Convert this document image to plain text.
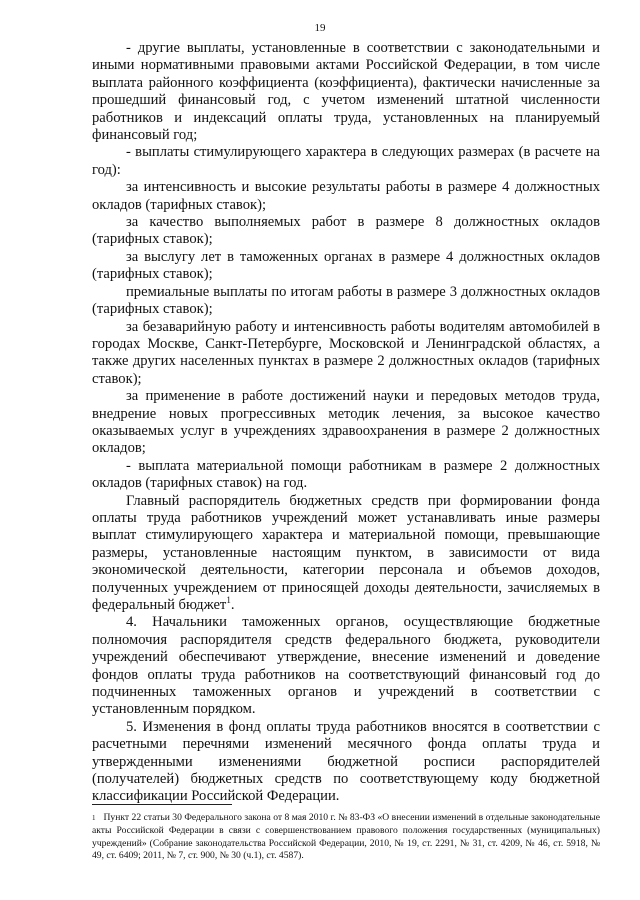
19

- другие выплаты, установленные в соответствии с законодательными и иными нормативными правовыми актами Российской Федерации, в том числе выплата районного коэффициента (коэффициента), фактически начисленные за прошедший финансовый год, с учетом изменений штатной численности работников и индексаций оплаты труда, установленных на планируемый финансовый год;

- выплаты стимулирующего характера в следующих размерах (в расчете на год):

за интенсивность и высокие результаты работы в размере 4 должностных окладов (тарифных ставок);

за качество выполняемых работ в размере 8 должностных окладов (тарифных ставок);

за выслугу лет в таможенных органах в размере 4 должностных окладов (тарифных ставок);

премиальные выплаты по итогам работы в размере 3 должностных окладов (тарифных ставок);

за безаварийную работу и интенсивность работы водителям автомобилей в городах Москве, Санкт-Петербурге, Московской и Ленинградской областях, а также других населенных пунктах в размере 2 должностных окладов (тарифных ставок);

за применение в работе достижений науки и передовых методов труда, внедрение новых прогрессивных методик лечения, за высокое качество оказываемых услуг в учреждениях здравоохранения в размере 2 должностных окладов;

- выплата материальной помощи работникам в размере 2 должностных окладов (тарифных ставок) на год.

Главный распорядитель бюджетных средств при формировании фонда оплаты труда работников учреждений может устанавливать иные размеры выплат стимулирующего характера и материальной помощи, превышающие размеры, установленные настоящим пунктом, в зависимости от вида экономической деятельности, категории персонала и объемов доходов, полученных учреждением от приносящей доходы деятельности, зачисляемых в федеральный бюджет$^1$.

4. Начальники таможенных органов, осуществляющие бюджетные полномочия распорядителя средств федерального бюджета, руководители учреждений обеспечивают утверждение, внесение изменений и доведение фондов оплаты труда работников на соответствующий финансовый год до подчиненных таможенных органов и учреждений в соответствии с установленным порядком.

5. Изменения в фонд оплаты труда работников вносятся в соответствии с расчетными перечнями изменений месячного фонда оплаты труда и утвержденными изменениями бюджетной росписи распорядителей (получателей) бюджетных средств по соответствующему коду бюджетной классификации Российской Федерации.

$^1$ Пункт 22 статьи 30 Федерального закона от 8 мая 2010 г. № 83-ФЗ «О внесении изменений в отдельные законодательные акты Российской Федерации в связи с совершенствованием правового положения государственных (муниципальных) учреждений» (Собрание законодательства Российской Федерации, 2010, № 19, ст. 2291, № 31, ст. 4209, № 46, ст. 5918, № 49, ст. 6409; 2011, № 7, ст. 900, № 30 (ч.1), ст. 4587).
